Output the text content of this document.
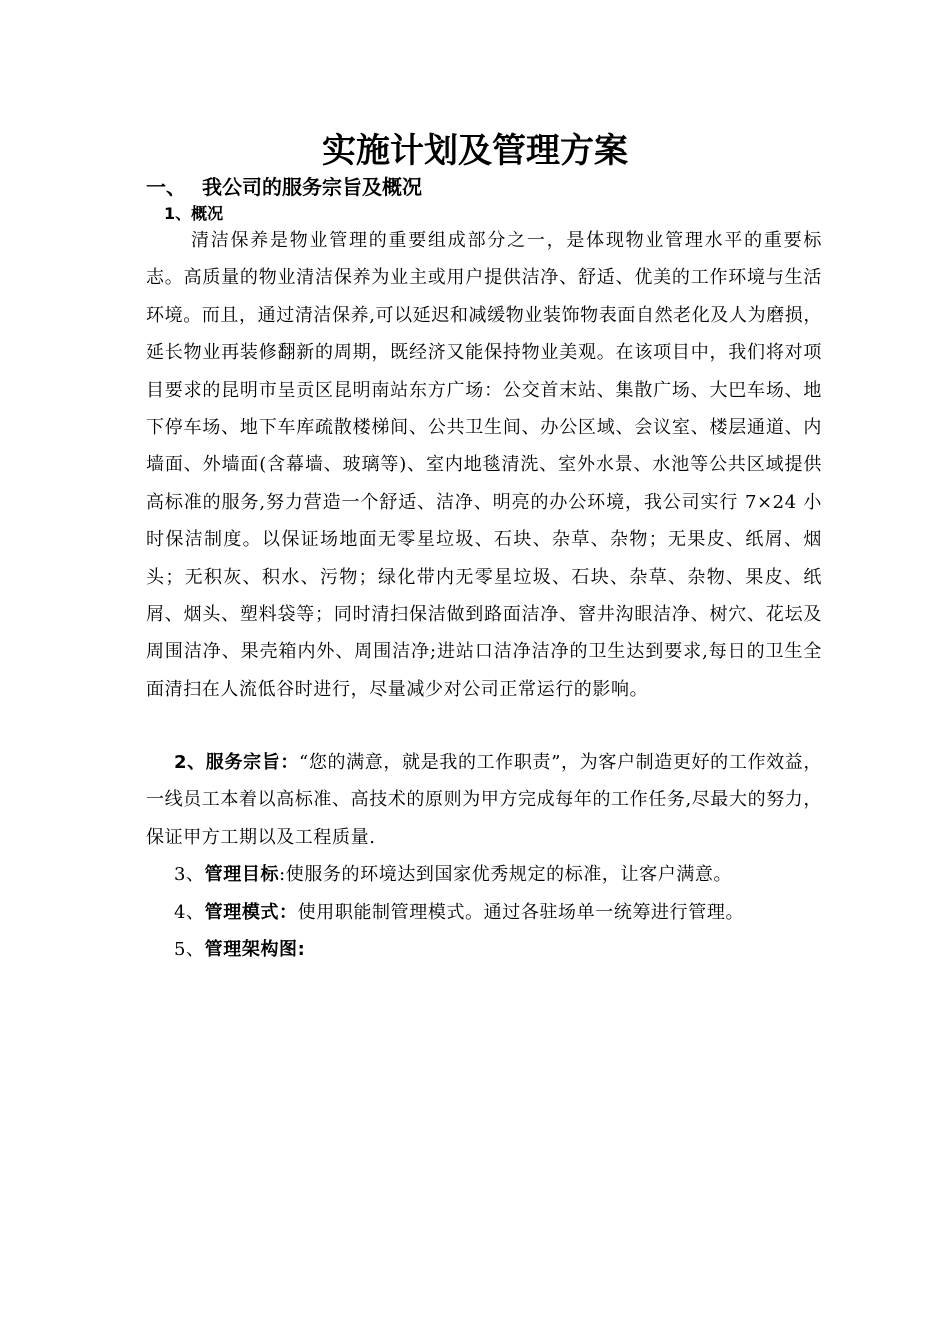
实施计划及管理方案
一、 我公司的服务宗旨及概况
1、概况

清洁保养是物业管理的重要组成部分之一，是体现物业管理水平的重要标志。高质量的物业清洁保养为业主或用户提供洁净、舒适、优美的工作环境与生活环境。而且，通过清洁保养,可以延迟和减缓物业装饰物表面自然老化及人为磨损，延长物业再装修翻新的周期，既经济又能保持物业美观。在该项目中，我们将对项目要求的昆明市呈贡区昆明南站东方广场：公交首末站、集散广场、大巴车场、地下停车场、地下车库疏散楼梯间、公共卫生间、办公区域、会议室、楼层通道、内墙面、外墙面(含幕墙、玻璃等)、室内地毯清洗、室外水景、水池等公共区域提供高标准的服务,努力营造一个舒适、洁净、明亮的办公环境，我公司实行 7×24 小时保洁制度。以保证场地面无零星垃圾、石块、杂草、杂物；无果皮、纸屑、烟头；无积灰、积水、污物；绿化带内无零星垃圾、石块、杂草、杂物、果皮、纸屑、烟头、塑料袋等；同时清扫保洁做到路面洁净、窨井沟眼洁净、树穴、花坛及周围洁净、果壳箱内外、周围洁净;进站口洁净洁净的卫生达到要求,每日的卫生全面清扫在人流低谷时进行，尽量减少对公司正常运行的影响。

2、服务宗旨：“您的满意，就是我的工作职责”，为客户制造更好的工作效益，一线员工本着以高标准、高技术的原则为甲方完成每年的工作任务,尽最大的努力，保证甲方工期以及工程质量.

3、管理目标:使服务的环境达到国家优秀规定的标准，让客户满意。

4、管理模式：使用职能制管理模式。通过各驻场单一统筹进行管理。

5、管理架构图:
